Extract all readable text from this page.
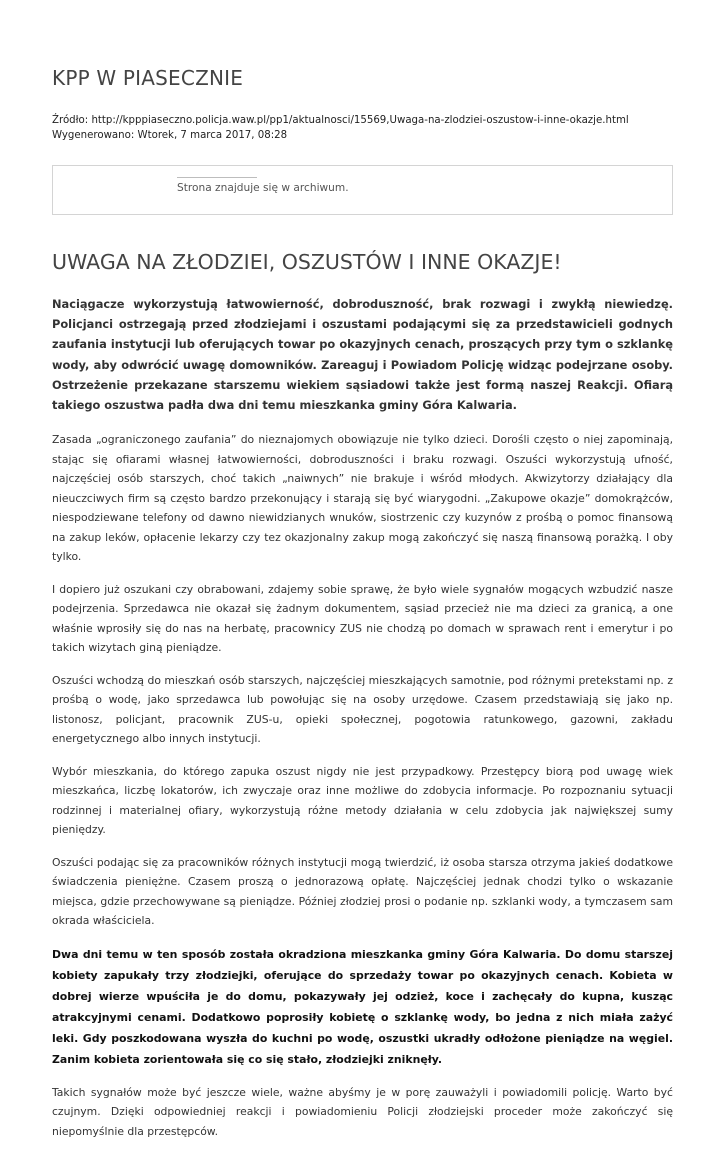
KPP W PIASECZNIE
Źródło: http://kpppiaseczno.policja.waw.pl/pp1/aktualnosci/15569,Uwaga-na-zlodziei-oszustow-i-inne-okazje.html
Wygenerowano: Wtorek, 7 marca 2017, 08:28
Strona znajduje się w archiwum.
UWAGA NA ZŁODZIEI, OSZUSTÓW I INNE OKAZJE!

Naciągacze wykorzystują łatwowierność, dobroduszność, brak rozwagi i zwykłą niewiedzę. Policjanci ostrzegają przed złodziejami i oszustami podającymi się za przedstawicieli godnych zaufania instytucji lub oferujących towar po okazyjnych cenach, proszących przy tym o szklankę wody, aby odwrócić uwagę domowników. Zareaguj i Powiadom Policję widząc podejrzane osoby. Ostrzeżenie przekazane starszemu wiekiem sąsiadowi także jest formą naszej Reakcji. Ofiarą takiego oszustwa padła dwa dni temu mieszkanka gminy Góra Kalwaria.

Zasada „ograniczonego zaufania” do nieznajomych obowiązuje nie tylko dzieci. Dorośli często o niej zapominają, stając się ofiarami własnej łatwowierności, dobroduszności i braku rozwagi. Oszuści wykorzystują ufność, najczęściej osób starszych, choć takich „naiwnych” nie brakuje i wśród młodych. Akwizytorzy działający dla nieuczciwych firm są często bardzo przekonujący i starają się być wiarygodni. „Zakupowe okazje” domokrążców, niespodziewane telefony od dawno niewidzianych wnuków, siostrzenic czy kuzynów z prośbą o pomoc finansową na zakup leków, opłacenie lekarzy czy tez okazjonalny zakup mogą zakończyć się naszą finansową porażką. I oby tylko.

I dopiero już oszukani czy obrabowani, zdajemy sobie sprawę, że było wiele sygnałów mogących wzbudzić nasze podejrzenia. Sprzedawca nie okazał się żadnym dokumentem, sąsiad przecież nie ma dzieci za granicą, a one właśnie wprosiły się do nas na herbatę, pracownicy ZUS nie chodzą po domach w sprawach rent i emerytur i po takich wizytach giną pieniądze.

Oszuści wchodzą do mieszkań osób starszych, najczęściej mieszkających samotnie, pod różnymi pretekstami np. z prośbą o wodę, jako sprzedawca lub powołując się na osoby urzędowe. Czasem przedstawiają się jako np. listonosz, policjant, pracownik ZUS-u, opieki społecznej, pogotowia ratunkowego, gazowni, zakładu energetycznego albo innych instytucji.

Wybór mieszkania, do którego zapuka oszust nigdy nie jest przypadkowy. Przestępcy biorą pod uwagę wiek mieszkańca, liczbę lokatorów, ich zwyczaje oraz inne możliwe do zdobycia informacje. Po rozpoznaniu sytuacji rodzinnej i materialnej ofiary, wykorzystują różne metody działania w celu zdobycia jak największej sumy pieniędzy.

Oszuści podając się za pracowników różnych instytucji mogą twierdzić, iż osoba starsza otrzyma jakieś dodatkowe świadczenia pieniężne. Czasem proszą o jednorazową opłatę. Najczęściej jednak chodzi tylko o wskazanie miejsca, gdzie przechowywane są pieniądze. Później złodziej prosi o podanie np. szklanki wody, a tymczasem sam okrada właściciela.

Dwa dni temu w ten sposób została okradziona mieszkanka gminy Góra Kalwaria. Do domu starszej kobiety zapukały trzy złodziejki, oferujące do sprzedaży towar po okazyjnych cenach. Kobieta w dobrej wierze wpuściła je do domu, pokazywały jej odzież, koce i zachęcały do kupna, kusząc atrakcyjnymi cenami. Dodatkowo poprosiły kobietę o szklankę wody, bo jedna z nich miała zażyć leki. Gdy poszkodowana wyszła do kuchni po wodę, oszustki ukradły odłożone pieniądze na węgiel. Zanim kobieta zorientowała się co się stało, złodziejki zniknęły.

Takich sygnałów może być jeszcze wiele, ważne abyśmy je w porę zauważyli i powiadomili policję. Warto być czujnym. Dzięki odpowiedniej reakcji i powiadomieniu Policji złodziejski proceder może zakończyć się niepomyślnie dla przestępców.
